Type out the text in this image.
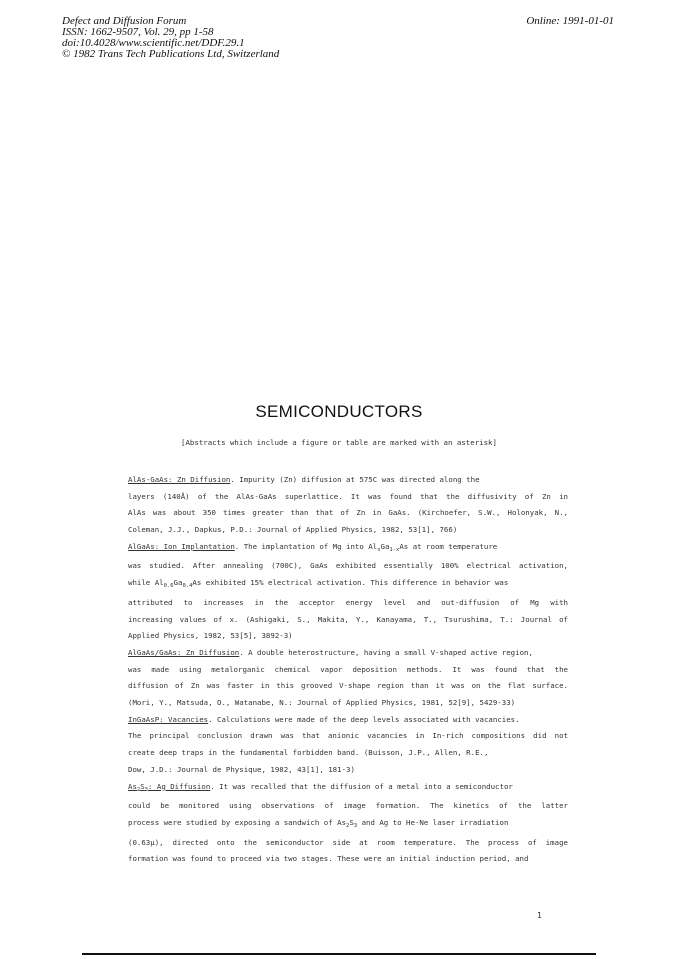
Defect and Diffusion Forum
ISSN: 1662-9507, Vol. 29, pp 1-58
doi:10.4028/www.scientific.net/DDF.29.1
© 1982 Trans Tech Publications Ltd, Switzerland
Online: 1991-01-01
SEMICONDUCTORS
[Abstracts which include a figure or table are marked with an asterisk]
AlAs-GaAs: Zn Diffusion. Impurity (Zn) diffusion at 575C was directed along the
layers (140Å) of the AlAs-GaAs superlattice. It was found that the diffusivity of Zn in
AlAs was about 350 times greater than that of Zn in GaAs. (Kirchoefer, S.W., Holonyak, N.,
Coleman, J.J., Dapkus, P.D.: Journal of Applied Physics, 1982, 53[1], 766)
AlGaAs: Ion Implantation. The implantation of Mg into $Al_xGa_{1-x}As$ at room temperature
was studied. After annealing (700C), GaAs exhibited essentially 100% electrical activation,
while $Al_{0.6}Ga_{0.4}As$ exhibited 15% electrical activation. This difference in behavior was
attributed to increases in the acceptor energy level and out-diffusion of Mg with
increasing values of x. (Ashigaki, S., Makita, Y., Kanayama, T., Tsurushima, T.: Journal of
Applied Physics, 1982, 53[5], 3892-3)
AlGaAs/GaAs: Zn Diffusion. A double heterostructure, having a small V-shaped active region,
was made using metalorganic chemical vapor deposition methods. It was found that the
diffusion of Zn was faster in this grooved V-shape region than it was on the flat surface.
(Mori, Y., Matsuda, O., Watanabe, N.: Journal of Applied Physics, 1981, 52[9], 5429-33)
InGaAsP: Vacancies. Calculations were made of the deep levels associated with vacancies.
The principal conclusion drawn was that anionic vacancies in In-rich compositions did not
create deep traps in the fundamental forbidden band. (Buisson, J.P., Allen, R.E.,
Dow, J.D.: Journal de Physique, 1982, 43[1], 181-3)
$As_2S_3$: Ag Diffusion. It was recalled that the diffusion of a metal into a semiconductor
could be monitored using observations of image formation. The kinetics of the latter
process were studied by exposing a sandwich of $As_2S_3$ and Ag to He-Ne laser irradiation
(0.63μ), directed onto the semiconductor side at room temperature. The process of image
formation was found to proceed via two stages. These were an initial induction period, and
1
